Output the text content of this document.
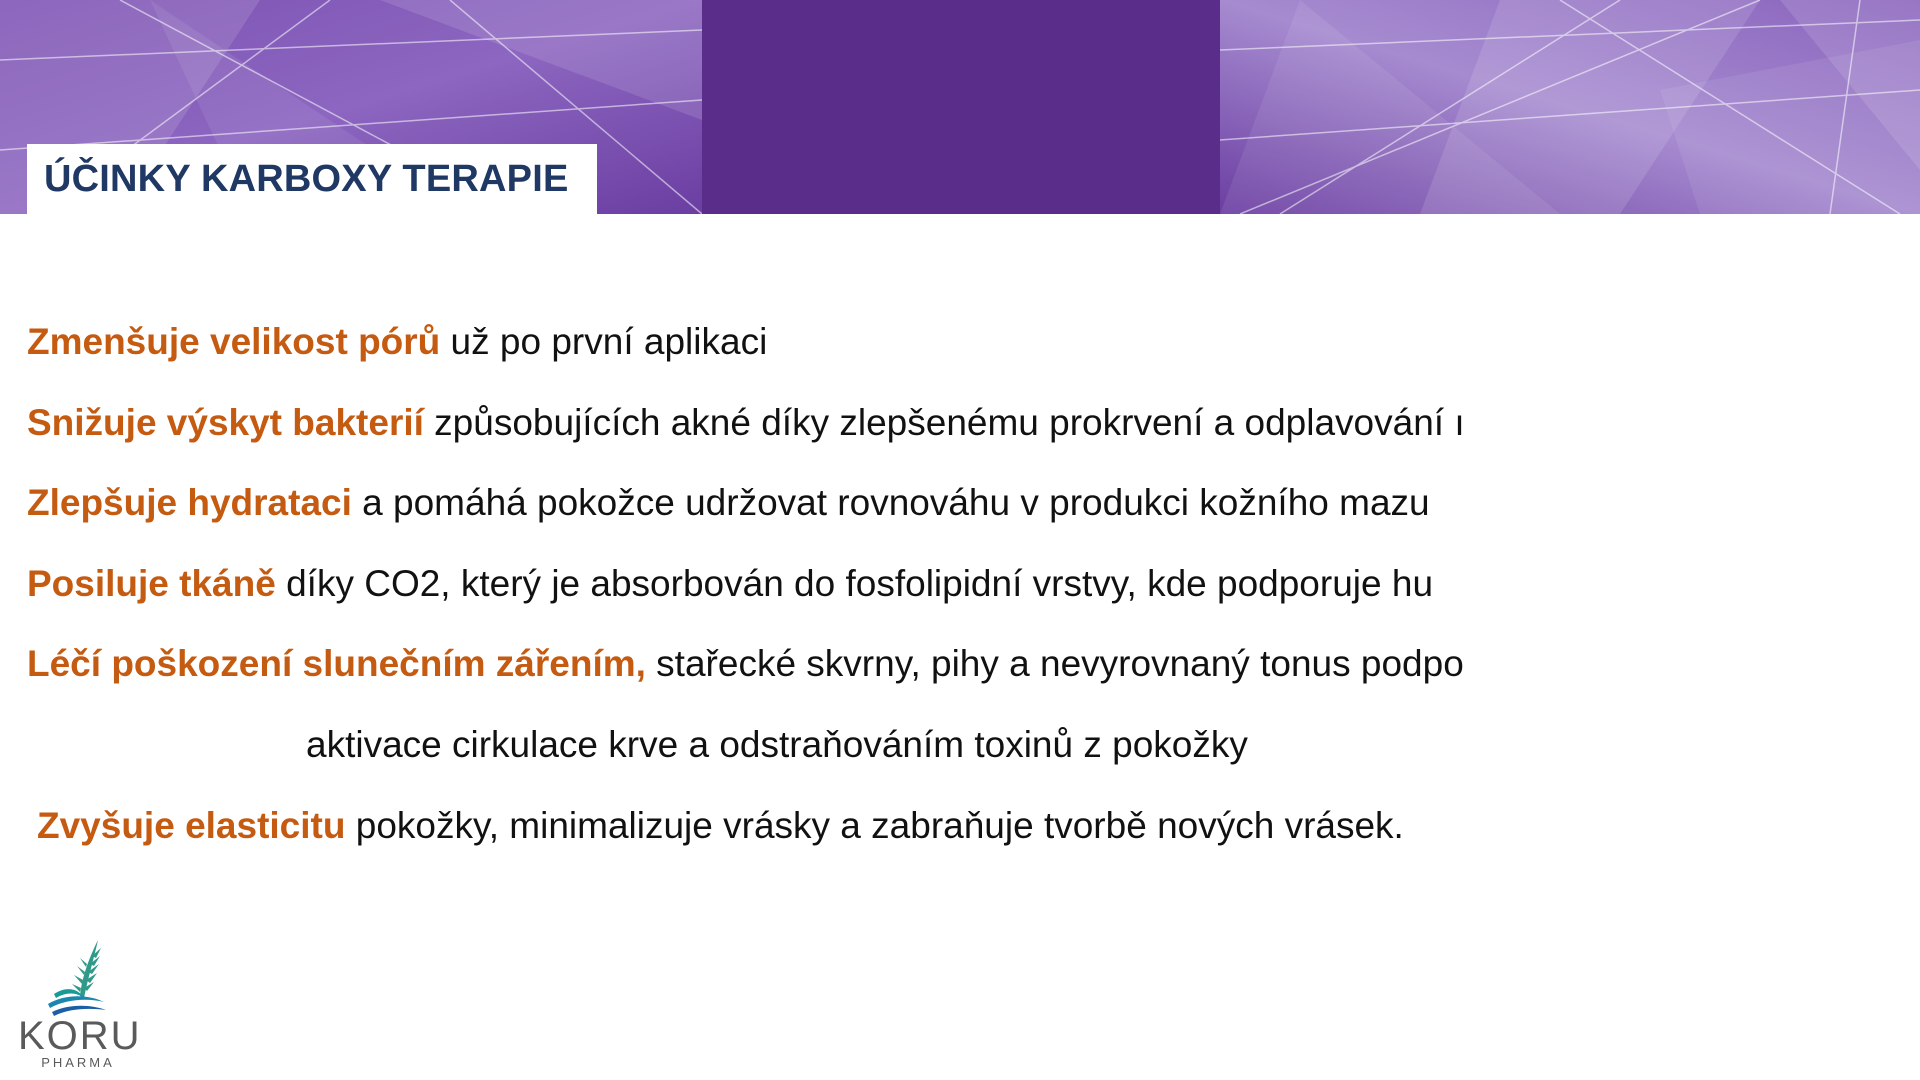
ÚČINKY KARBOXY TERAPIE
Zmenšuje velikost pórů už po první aplikaci
Snižuje výskyt bakterií způsobujících akné díky zlepšenému prokrvení a odplavování ı
Zlepšuje hydrataci a pomáhá pokožce udržovat rovnováhu v produkci kožního mazu
Posiluje tkáně díky CO2, který je absorbován do fosfolipidní vrstvy, kde podporuje hu
Léčí poškození slunečním zářením, stařecké skvrny, pihy a nevyrovnaný tonus podpo
aktivace cirkulace krve a odstraňováním toxinů z pokožky
Zvyšuje elasticitu pokožky, minimalizuje vrásky a zabraňuje tvorbě nových vrásek.
KORU
PHARMA
